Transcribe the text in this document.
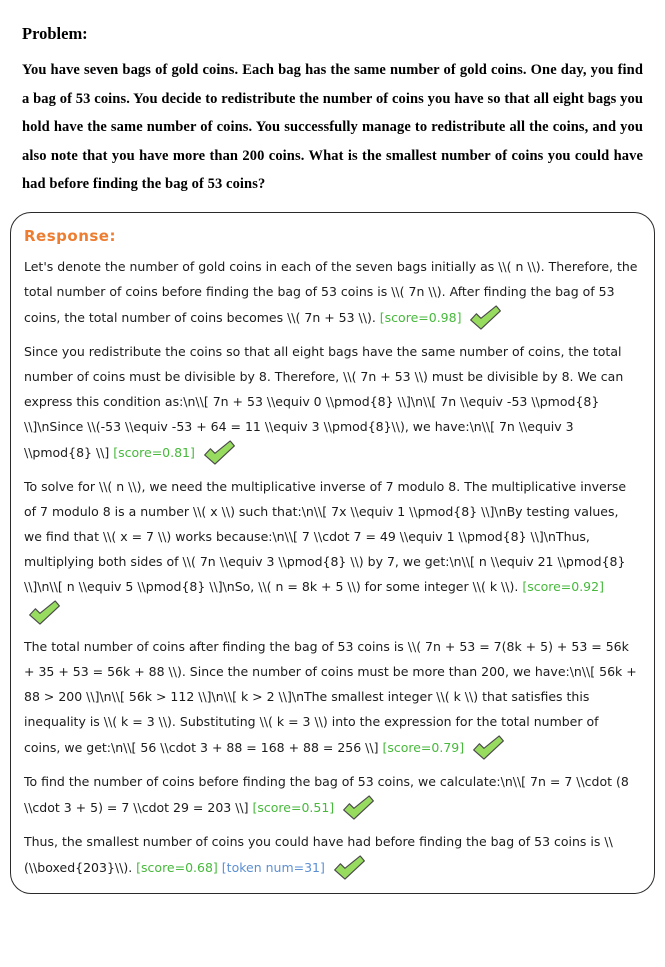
Problem:

You have seven bags of gold coins. Each bag has the same number of gold coins. One day, you find a bag of 53 coins. You decide to redistribute the number of coins you have so that all eight bags you hold have the same number of coins. You successfully manage to redistribute all the coins, and you also note that you have more than 200 coins. What is the smallest number of coins you could have had before finding the bag of 53 coins?

Response:

Let's denote the number of gold coins in each of the seven bags initially as \\( n \\). Therefore, the total number of coins before finding the bag of 53 coins is \\( 7n \\). After finding the bag of 53 coins, the total number of coins becomes \\( 7n + 53 \\). [score=0.98]

Since you redistribute the coins so that all eight bags have the same number of coins, the total number of coins must be divisible by 8. Therefore, \\( 7n + 53 \\) must be divisible by 8. We can express this condition as:\n\\[ 7n + 53 \\equiv 0 \\pmod{8} \\]\n\\[ 7n \\equiv -53 \\pmod{8} \\]\nSince \\(-53 \\equiv -53 + 64 = 11 \\equiv 3 \\pmod{8}\\), we have:\n\\[ 7n \\equiv 3 \\pmod{8} \\] [score=0.81]

To solve for \\( n \\), we need the multiplicative inverse of 7 modulo 8. The multiplicative inverse of 7 modulo 8 is a number \\( x \\) such that:\n\\[ 7x \\equiv 1 \\pmod{8} \\]\nBy testing values, we find that \\( x = 7 \\) works because:\n\\[ 7 \\cdot 7 = 49 \\equiv 1 \\pmod{8} \\]\nThus, multiplying both sides of \\( 7n \\equiv 3 \\pmod{8} \\) by 7, we get:\n\\[ n \\equiv 21 \\pmod{8} \\]\n\\[ n \\equiv 5 \\pmod{8} \\]\nSo, \\( n = 8k + 5 \\) for some integer \\( k \\). [score=0.92]

The total number of coins after finding the bag of 53 coins is \\( 7n + 53 = 7(8k + 5) + 53 = 56k + 35 + 53 = 56k + 88 \\). Since the number of coins must be more than 200, we have:\n\\[ 56k + 88 > 200 \\]\n\\[ 56k > 112 \\]\n\\[ k > 2 \\]\nThe smallest integer \\( k \\) that satisfies this inequality is \\( k = 3 \\). Substituting \\( k = 3 \\) into the expression for the total number of coins, we get:\n\\[ 56 \\cdot 3 + 88 = 168 + 88 = 256 \\] [score=0.79]

To find the number of coins before finding the bag of 53 coins, we calculate:\n\\[ 7n = 7 \\cdot (8 \\cdot 3 + 5) = 7 \\cdot 29 = 203 \\] [score=0.51]

Thus, the smallest number of coins you could have had before finding the bag of 53 coins is \\(\\boxed{203}\\). [score=0.68] [token num=31]
